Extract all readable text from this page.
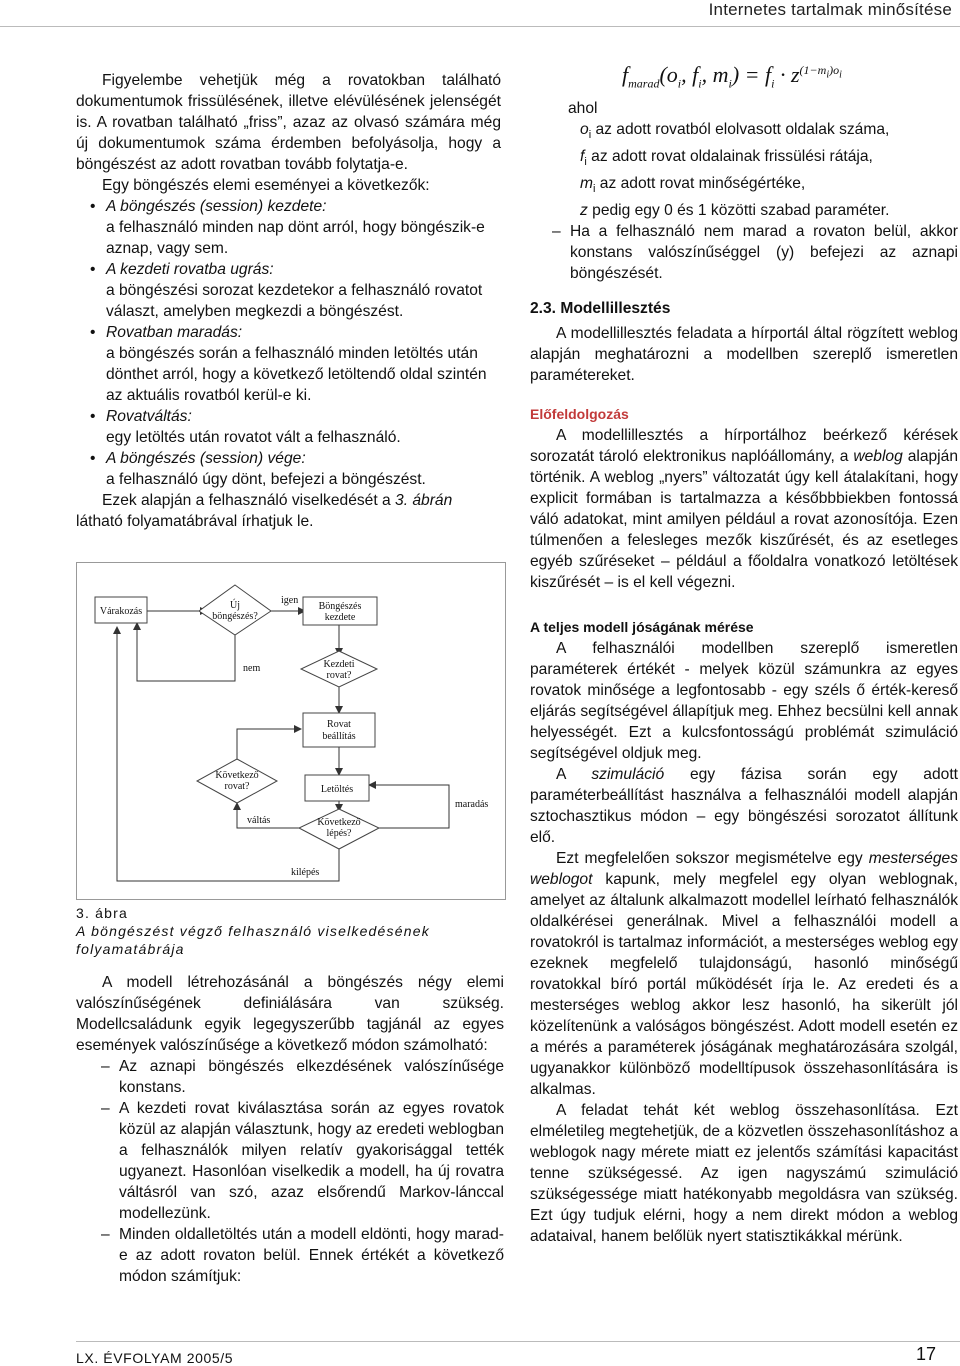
Internetes tartalmak minősítése

Figyelembe vehetjük még a rovatokban található dokumentumok frissülésének, illetve elévülésének jelenségét is. A rovatban található „friss”, azaz az olvasó számára még új dokumentumok száma érdemben befolyásolja, hogy a böngészést az adott rovatban tovább folytatja-e.

Egy böngészés elemi eseményei a következők:

• A böngészés (session) kezdete:
a felhasználó minden nap dönt arról, hogy böngészik-e aznap, vagy sem.
• A kezdeti rovatba ugrás:
a böngészési sorozat kezdetekor a felhasználó rovatot választ, amelyben megkezdi a böngészést.
• Rovatban maradás:
a böngészés során a felhasználó minden letöltés után dönthet arról, hogy a következő letöltendő oldal szintén az aktuális rovatból kerül-e ki.
• Rovatváltás:
egy letöltés után rovatot vált a felhasználó.
• A böngészés (session) vége:
a felhasználó úgy dönt, befejezi a böngészést.

Ezek alapján a felhasználó viselkedését a 3. ábrán látható folyamatábrával írhatjuk le.

Várakozás
Új
böngészés?
Böngészés
kezdete
Kezdeti
rovat?
Rovat
beállítás
Letöltés
Következő
lépés?
Következő
rovat?
igen
nem
váltás
maradás
kilépés
3. ábra
A böngészést végző felhasználó viselkedésének folyamatábrája

A modell létrehozásánál a böngészés négy elemi valószínűségének definiálására van szükség. Modellcsaládunk egyik legegyszerűbb tagjánál az egyes események valószínűsége a következő módon számolható:

– Az aznapi böngészés elkezdésének valószínűsége konstans.
– A kezdeti rovat kiválasztása során az egyes rovatok közül az alapján választunk, hogy az eredeti weblogban a felhasználók milyen relatív gyakorisággal tették ugyanezt. Hasonlóan viselkedik a modell, ha új rovatra váltásról van szó, azaz elsőrendű Markov-lánccal modellezünk.
– Minden oldalletöltés után a modell eldönti, hogy marad-e az adott rovaton belül. Ennek értékét a következő módon számítjuk:
$f_{marad}(o_i$, $f_i$, $m_i) = f_i \cdot z^{(1-m_i)o_i}$

ahol

$o_i$ az adott rovatból elolvasott oldalak száma,
$f_i$ az adott rovat oldalainak frissülési rátája,
$m_i$ az adott rovat minőségértéke,
z pedig egy 0 és 1 közötti szabad paraméter.
– Ha a felhasználó nem marad a rovaton belül, akkor konstans valószínűséggel (y) befejezi az aznapi böngészését.

2.3. Modellillesztés

A modellillesztés feladata a hírportál által rögzített weblog alapján meghatározni a modellben szereplő ismeretlen paramétereket.

Előfeldolgozás

A modellillesztés a hírportálhoz beérkező kérések sorozatát tároló elektronikus naplóállomány, a weblog alapján történik. A weblog „nyers” változatát úgy kell átalakítani, hogy explicit formában is tartalmazza a későbbbiekben fontossá váló adatokat, mint amilyen például a rovat azonosítója. Ezen túlmenően a felesleges mezők kiszűrését, és az esetleges egyéb szűréseket – például a főoldalra vonatkozó letöltések kiszűrését – is el kell végezni.

A teljes modell jóságának mérése

A felhasználói modellben szereplő ismeretlen paraméterek értékét - melyek közül számunkra az egyes rovatok minősége a legfontosabb - egy széls ő érték-kereső eljárás segítségével állapítjuk meg. Ehhez becsülni kell annak helyességét. Ezt a kulcsfontosságú problémát szimuláció segítségével oldjuk meg.

A szimuláció egy fázisa során egy adott paraméterbeállítást használva a felhasználói modell alapján sztochasztikus módon – egy böngészési sorozatot állítunk elő.

Ezt megfelelően sokszor megismételve egy mesterséges weblogot kapunk, mely megfelel egy olyan weblognak, amelyet az általunk alkalmazott modellel leírható felhasználók oldalkérései generálnak. Mivel a felhasználói modell a rovatokról is tartalmaz információt, a mesterséges weblog egy ezeknek megfelelő tulajdonságú, hasonló minőségű rovatokkal bíró portál működését írja le. Az eredeti és a mesterséges weblog akkor lesz hasonló, ha sikerült jól közelítenünk a valóságos böngészést. Adott modell esetén ez a mérés a paraméterek jóságának meghatározására szolgál, ugyanakkor különböző modelltípusok összehasonlítására is alkalmas.

A feladat tehát két weblog összehasonlítása. Ezt elméletileg megtehetjük, de a közvetlen összehasonlításhoz a weblogok nagy mérete miatt ez jelentős számítási kapacitást tenne szükségessé. Az igen nagyszámú szimuláció szükségessége miatt hatékonyabb megoldásra van szükség. Ezt úgy tudjuk elérni, hogy a nem direkt módon a weblog adataival, hanem belőlük nyert statisztikákkal mérünk.

LX. ÉVFOLYAM 2005/5	17
